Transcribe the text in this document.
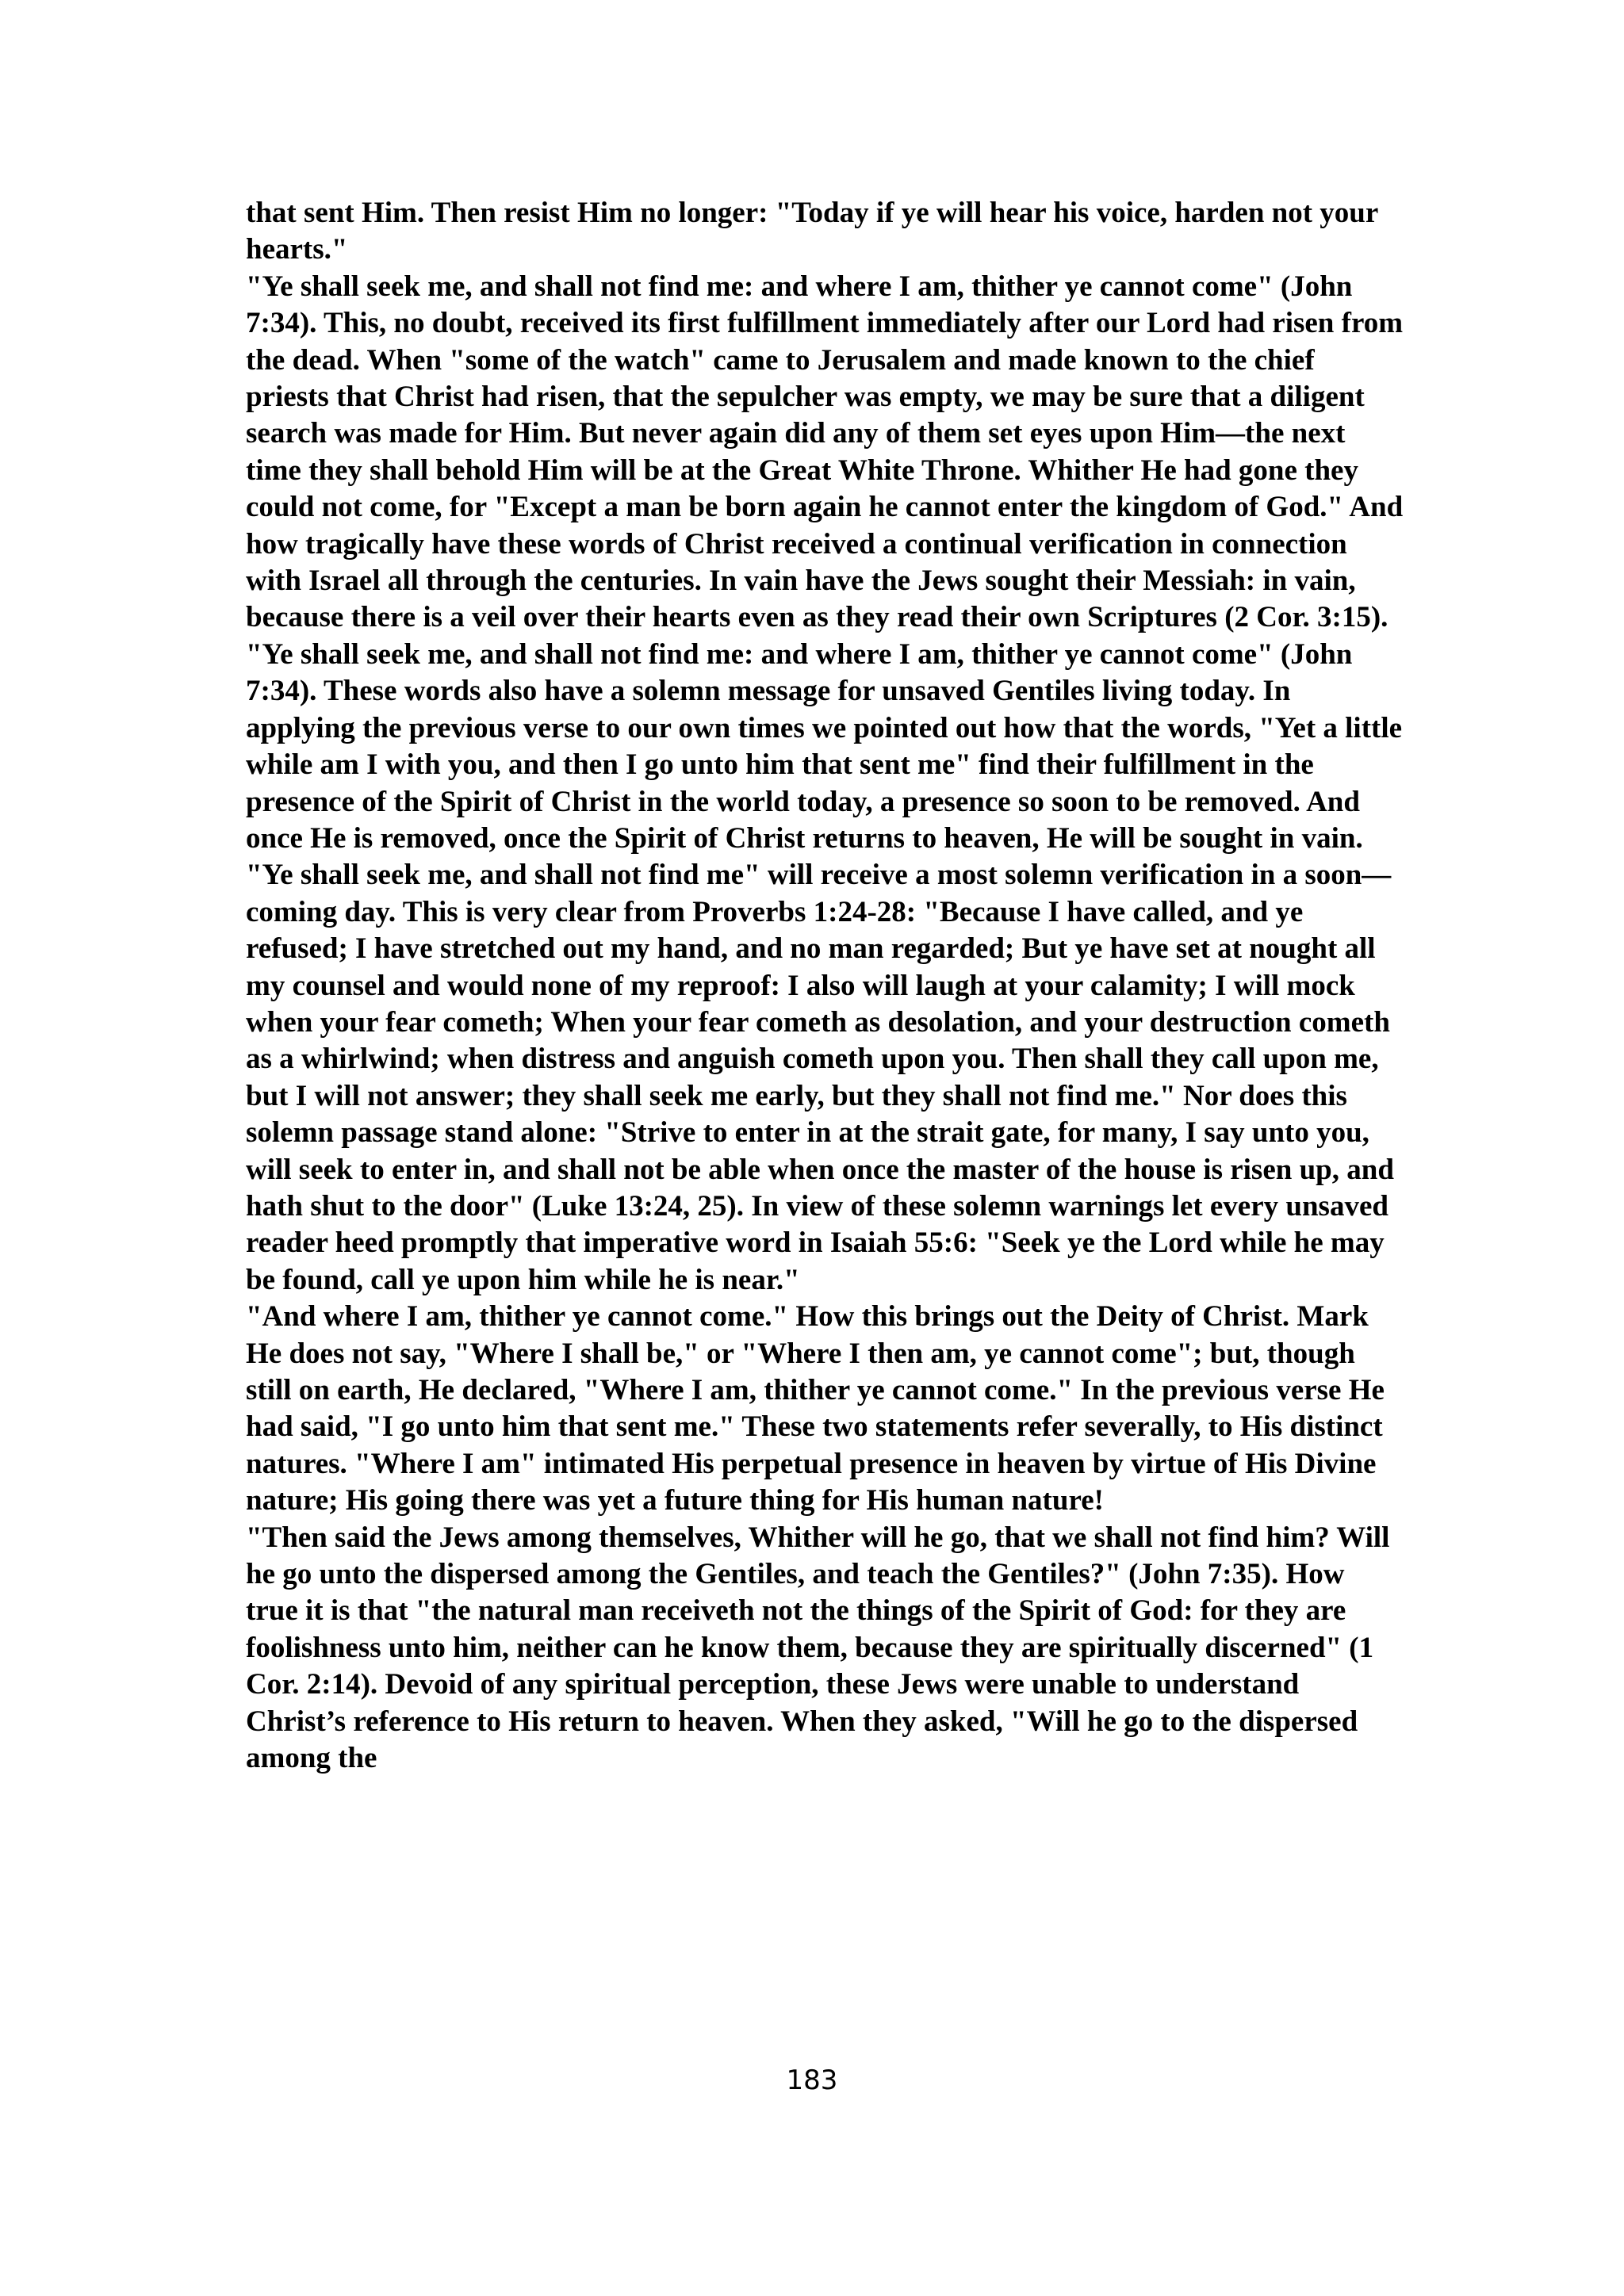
that sent Him. Then resist Him no longer: "Today if ye will hear his voice, harden not your hearts."

"Ye shall seek me, and shall not find me: and where I am, thither ye cannot come" (John 7:34). This, no doubt, received its first fulfillment immediately after our Lord had risen from the dead. When "some of the watch" came to Jerusalem and made known to the chief priests that Christ had risen, that the sepulcher was empty, we may be sure that a diligent search was made for Him. But never again did any of them set eyes upon Him—the next time they shall behold Him will be at the Great White Throne. Whither He had gone they could not come, for "Except a man be born again he cannot enter the kingdom of God." And how tragically have these words of Christ received a continual verification in connection with Israel all through the centuries. In vain have the Jews sought their Messiah: in vain, because there is a veil over their hearts even as they read their own Scriptures (2 Cor. 3:15).

"Ye shall seek me, and shall not find me: and where I am, thither ye cannot come" (John 7:34). These words also have a solemn message for unsaved Gentiles living today. In applying the previous verse to our own times we pointed out how that the words, "Yet a little while am I with you, and then I go unto him that sent me" find their fulfillment in the presence of the Spirit of Christ in the world today, a presence so soon to be removed. And once He is removed, once the Spirit of Christ returns to heaven, He will be sought in vain. "Ye shall seek me, and shall not find me" will receive a most solemn verification in a soon—coming day. This is very clear from Proverbs 1:24-28: "Because I have called, and ye refused; I have stretched out my hand, and no man regarded; But ye have set at nought all my counsel and would none of my reproof: I also will laugh at your calamity; I will mock when your fear cometh; When your fear cometh as desolation, and your destruction cometh as a whirlwind; when distress and anguish cometh upon you. Then shall they call upon me, but I will not answer; they shall seek me early, but they shall not find me." Nor does this solemn passage stand alone: "Strive to enter in at the strait gate, for many, I say unto you, will seek to enter in, and shall not be able when once the master of the house is risen up, and hath shut to the door" (Luke 13:24, 25). In view of these solemn warnings let every unsaved reader heed promptly that imperative word in Isaiah 55:6: "Seek ye the Lord while he may be found, call ye upon him while he is near."

"And where I am, thither ye cannot come." How this brings out the Deity of Christ. Mark He does not say, "Where I shall be," or "Where I then am, ye cannot come"; but, though still on earth, He declared, "Where I am, thither ye cannot come." In the previous verse He had said, "I go unto him that sent me." These two statements refer severally, to His distinct natures. "Where I am" intimated His perpetual presence in heaven by virtue of His Divine nature; His going there was yet a future thing for His human nature!

"Then said the Jews among themselves, Whither will he go, that we shall not find him? Will he go unto the dispersed among the Gentiles, and teach the Gentiles?" (John 7:35). How true it is that "the natural man receiveth not the things of the Spirit of God: for they are foolishness unto him, neither can he know them, because they are spiritually discerned" (1 Cor. 2:14). Devoid of any spiritual perception, these Jews were unable to understand Christ’s reference to His return to heaven. When they asked, "Will he go to the dispersed among the

183
